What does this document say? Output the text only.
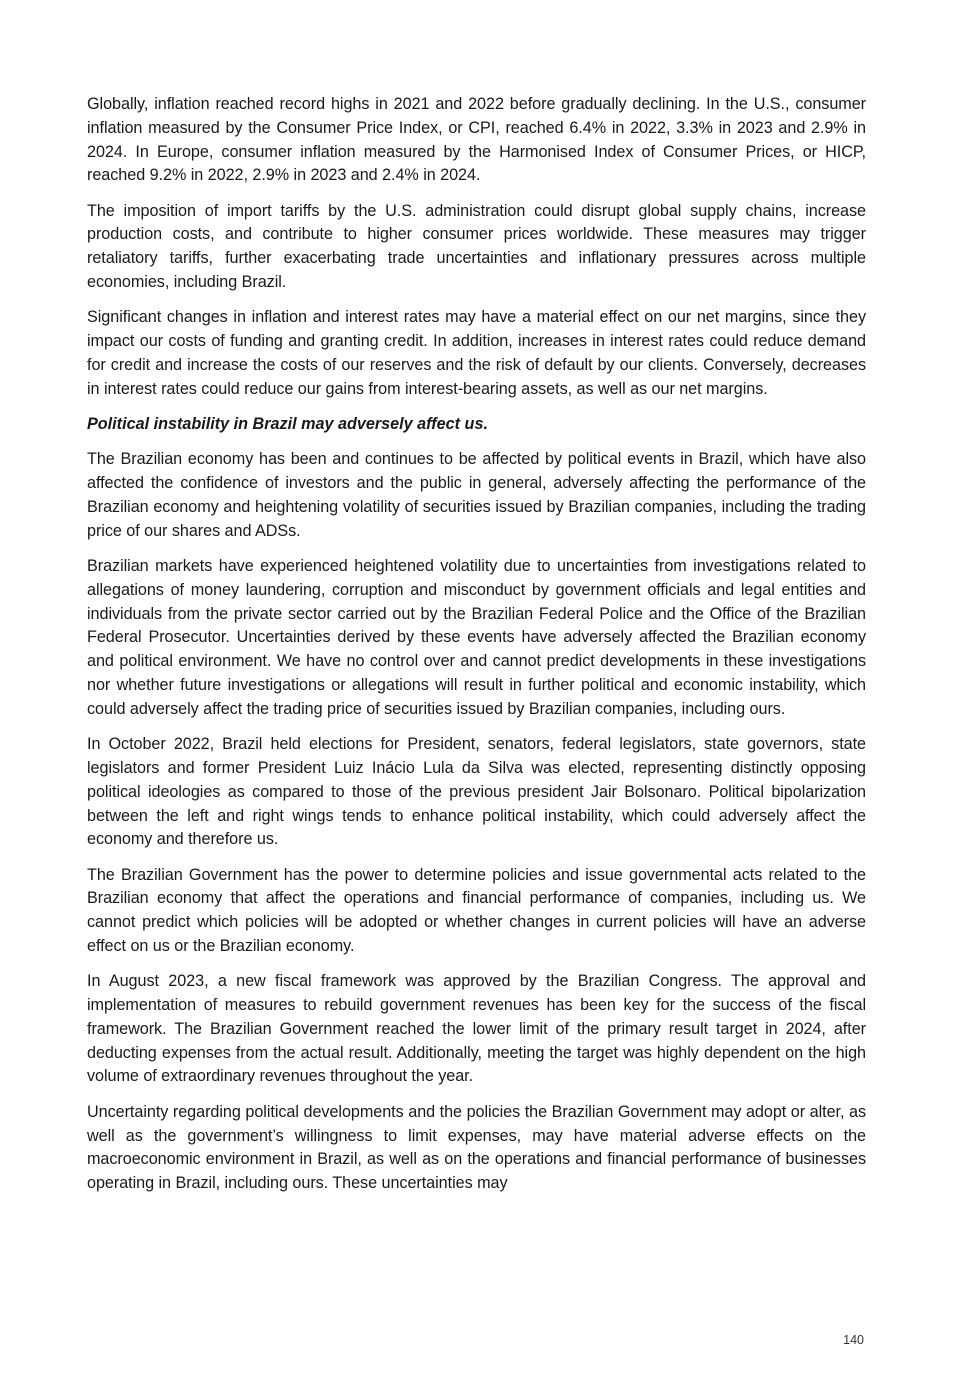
Globally, inflation reached record highs in 2021 and 2022 before gradually declining. In the U.S., consumer inflation measured by the Consumer Price Index, or CPI, reached 6.4% in 2022, 3.3% in 2023 and 2.9% in 2024. In Europe, consumer inflation measured by the Harmonised Index of Consumer Prices, or HICP, reached 9.2% in 2022, 2.9% in 2023 and 2.4% in 2024.

The imposition of import tariffs by the U.S. administration could disrupt global supply chains, increase production costs, and contribute to higher consumer prices worldwide. These measures may trigger retaliatory tariffs, further exacerbating trade uncertainties and inflationary pressures across multiple economies, including Brazil.

Significant changes in inflation and interest rates may have a material effect on our net margins, since they impact our costs of funding and granting credit. In addition, increases in interest rates could reduce demand for credit and increase the costs of our reserves and the risk of default by our clients. Conversely, decreases in interest rates could reduce our gains from interest-bearing assets, as well as our net margins.

Political instability in Brazil may adversely affect us.

The Brazilian economy has been and continues to be affected by political events in Brazil, which have also affected the confidence of investors and the public in general, adversely affecting the performance of the Brazilian economy and heightening volatility of securities issued by Brazilian companies, including the trading price of our shares and ADSs.

Brazilian markets have experienced heightened volatility due to uncertainties from investigations related to allegations of money laundering, corruption and misconduct by government officials and legal entities and individuals from the private sector carried out by the Brazilian Federal Police and the Office of the Brazilian Federal Prosecutor. Uncertainties derived by these events have adversely affected the Brazilian economy and political environment. We have no control over and cannot predict developments in these investigations nor whether future investigations or allegations will result in further political and economic instability, which could adversely affect the trading price of securities issued by Brazilian companies, including ours.

In October 2022, Brazil held elections for President, senators, federal legislators, state governors, state legislators and former President Luiz Inácio Lula da Silva was elected, representing distinctly opposing political ideologies as compared to those of the previous president Jair Bolsonaro. Political bipolarization between the left and right wings tends to enhance political instability, which could adversely affect the economy and therefore us.

The Brazilian Government has the power to determine policies and issue governmental acts related to the Brazilian economy that affect the operations and financial performance of companies, including us. We cannot predict which policies will be adopted or whether changes in current policies will have an adverse effect on us or the Brazilian economy.

In August 2023, a new fiscal framework was approved by the Brazilian Congress. The approval and implementation of measures to rebuild government revenues has been key for the success of the fiscal framework. The Brazilian Government reached the lower limit of the primary result target in 2024, after deducting expenses from the actual result. Additionally, meeting the target was highly dependent on the high volume of extraordinary revenues throughout the year.

Uncertainty regarding political developments and the policies the Brazilian Government may adopt or alter, as well as the government’s willingness to limit expenses, may have material adverse effects on the macroeconomic environment in Brazil, as well as on the operations and financial performance of businesses operating in Brazil, including ours. These uncertainties may

140
